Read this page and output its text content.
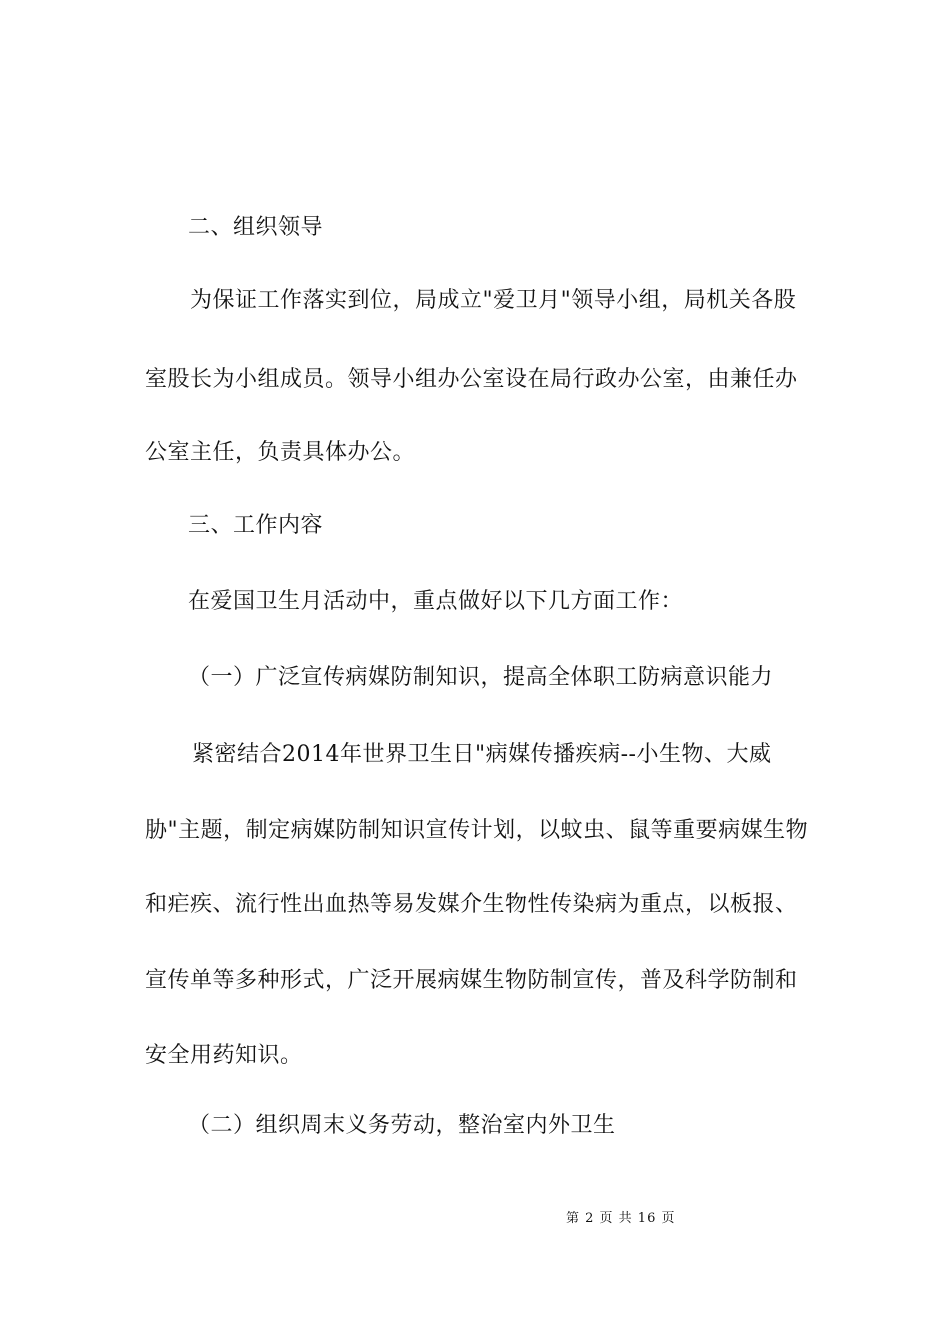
二、组织领导
为保证工作落实到位，局成立"爱卫月"领导小组，局机关各股
室股长为小组成员。领导小组办公室设在局行政办公室，由兼任办
公室主任，负责具体办公。
三、工作内容
在爱国卫生月活动中，重点做好以下几方面工作：
（一）广泛宣传病媒防制知识，提高全体职工防病意识能力
紧密结合2014年世界卫生日"病媒传播疾病--小生物、大威
胁"主题，制定病媒防制知识宣传计划，以蚊虫、鼠等重要病媒生物
和疟疾、流行性出血热等易发媒介生物性传染病为重点，以板报、
宣传单等多种形式，广泛开展病媒生物防制宣传，普及科学防制和
安全用药知识。
（二）组织周末义务劳动，整治室内外卫生
第 2 页 共 16 页
